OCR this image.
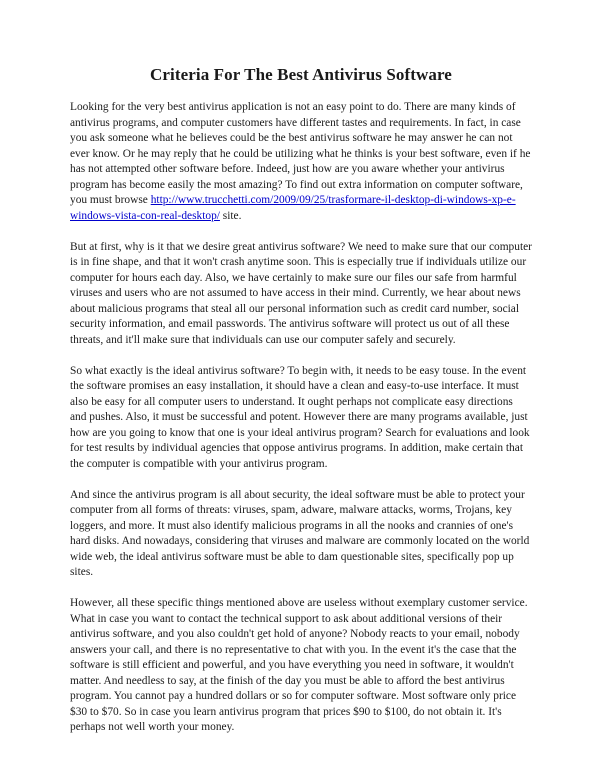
Criteria For The Best Antivirus Software

Looking for the very best antivirus application is not an easy point to do. There are many kinds of antivirus programs, and computer customers have different tastes and requirements. In fact, in case you ask someone what he believes could be the best antivirus software he may answer he can not ever know. Or he may reply that he could be utilizing what he thinks is your best software, even if he has not attempted other software before. Indeed, just how are you aware whether your antivirus program has become easily the most amazing? To find out extra information on computer software, you must browse http://www.trucchetti.com/2009/09/25/trasformare-il-desktop-di-windows-xp-e-windows-vista-con-real-desktop/ site.

But at first, why is it that we desire great antivirus software? We need to make sure that our computer is in fine shape, and that it won't crash anytime soon. This is especially true if individuals utilize our computer for hours each day. Also, we have certainly to make sure our files our safe from harmful viruses and users who are not assumed to have access in their mind. Currently, we hear about news about malicious programs that steal all our personal information such as credit card number, social security information, and email passwords. The antivirus software will protect us out of all these threats, and it'll make sure that individuals can use our computer safely and securely.

So what exactly is the ideal antivirus software? To begin with, it needs to be easy touse. In the event the software promises an easy installation, it should have a clean and easy-to-use interface. It must also be easy for all computer users to understand. It ought perhaps not complicate easy directions and pushes. Also, it must be successful and potent. However there are many programs available, just how are you going to know that one is your ideal antivirus program? Search for evaluations and look for test results by individual agencies that oppose antivirus programs. In addition, make certain that the computer is compatible with your antivirus program.

And since the antivirus program is all about security, the ideal software must be able to protect your computer from all forms of threats: viruses, spam, adware, malware attacks, worms, Trojans, key loggers, and more. It must also identify malicious programs in all the nooks and crannies of one's hard disks. And nowadays, considering that viruses and malware are commonly located on the world wide web, the ideal antivirus software must be able to dam questionable sites, specifically pop up sites.

However, all these specific things mentioned above are useless without exemplary customer service. What in case you want to contact the technical support to ask about additional versions of their antivirus software, and you also couldn't get hold of anyone? Nobody reacts to your email, nobody answers your call, and there is no representative to chat with you. In the event it's the case that the software is still efficient and powerful, and you have everything you need in software, it wouldn't matter. And needless to say, at the finish of the day you must be able to afford the best antivirus program. You cannot pay a hundred dollars or so for computer software. Most software only price $30 to $70. So in case you learn antivirus program that prices $90 to $100, do not obtain it. It's perhaps not well worth your money.
